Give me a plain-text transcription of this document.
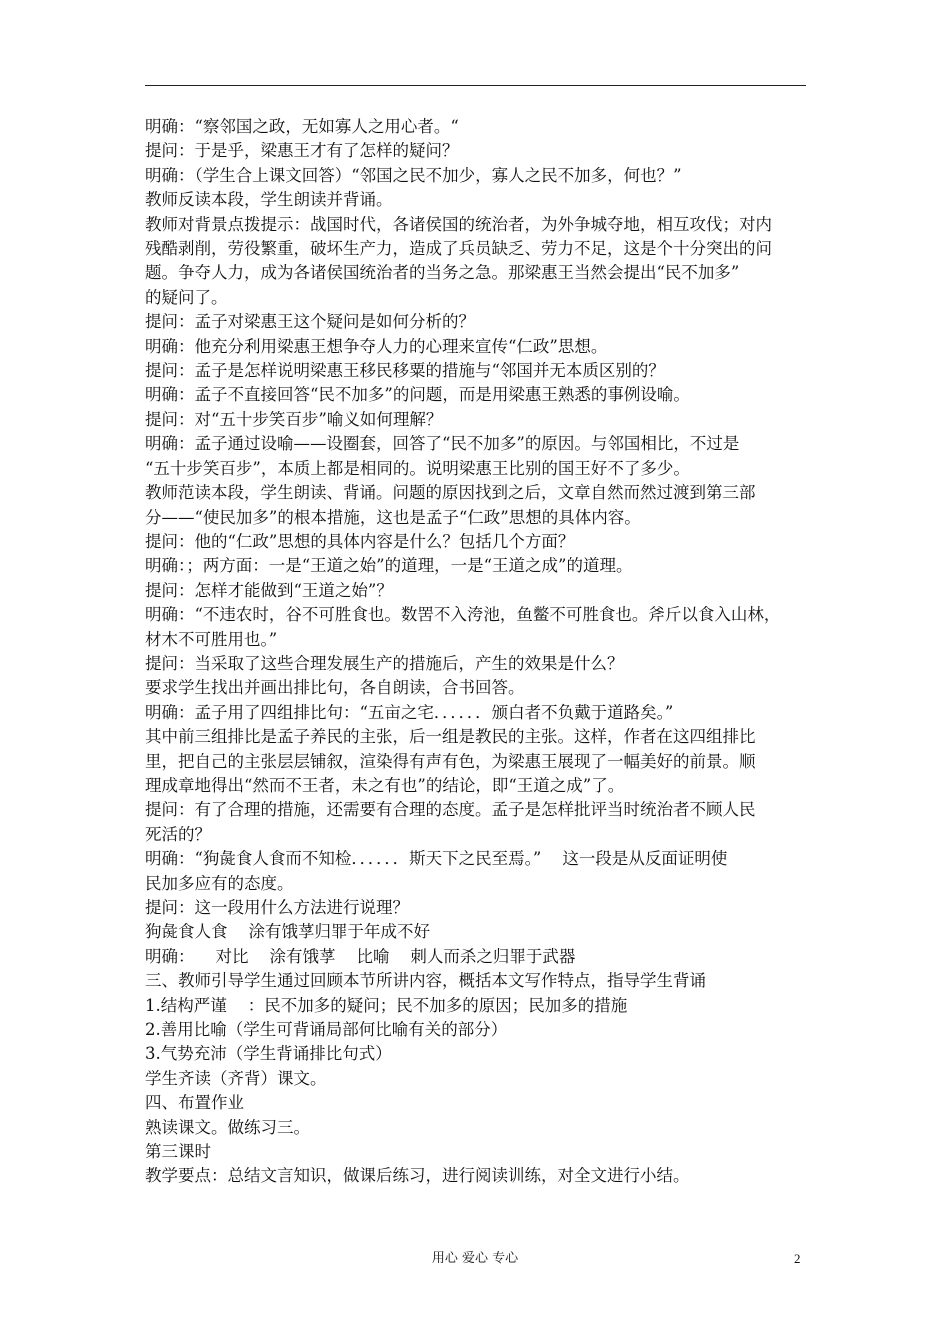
明确：“察邻国之政，无如寡人之用心者。“

提问：于是乎，梁惠王才有了怎样的疑问？

明确：（学生合上课文回答）“邻国之民不加少，寡人之民不加多，何也？”

教师反读本段，学生朗读并背诵。

教师对背景点拨提示：战国时代，各诸侯国的统治者，为外争城夺地，相互攻伐；对内

残酷剥削，劳役繁重，破坏生产力，造成了兵员缺乏、劳力不足，这是个十分突出的问

题。争夺人力，成为各诸侯国统治者的当务之急。那梁惠王当然会提出“民不加多”

的疑问了。

提问：孟子对梁惠王这个疑问是如何分析的？

明确：他充分利用梁惠王想争夺人力的心理来宣传“仁政”思想。

提问：孟子是怎样说明梁惠王移民移粟的措施与“邻国并无本质区别的？

明确：孟子不直接回答“民不加多”的问题，而是用梁惠王熟悉的事例设喻。

提问：对“五十步笑百步”喻义如何理解？

明确：孟子通过设喻——设圈套，回答了“民不加多”的原因。与邻国相比，不过是

“五十步笑百步”，本质上都是相同的。说明梁惠王比别的国王好不了多少。

教师范读本段，学生朗读、背诵。问题的原因找到之后，文章自然而然过渡到第三部

分——“使民加多”的根本措施，这也是孟子“仁政”思想的具体内容。

提问：他的“仁政”思想的具体内容是什么？包括几个方面？

明确：；两方面：一是“王道之始”的道理，一是“王道之成”的道理。

提问：怎样才能做到“王道之始”？

明确：“不违农时，谷不可胜食也。数罟不入洿池，鱼鳖不可胜食也。斧斤以食入山林，

材木不可胜用也。”

提问：当采取了这些合理发展生产的措施后，产生的效果是什么？

要求学生找出并画出排比句，各自朗读，合书回答。

明确：孟子用了四组排比句：“五亩之宅．．．．．．颁白者不负戴于道路矣。”

其中前三组排比是孟子养民的主张，后一组是教民的主张。这样，作者在这四组排比

里，把自己的主张层层铺叙，渲染得有声有色，为梁惠王展现了一幅美好的前景。顺

理成章地得出“然而不王者，未之有也”的结论，即“王道之成”了。

提问：有了合理的措施，还需要有合理的态度。孟子是怎样批评当时统治者不顾人民

死活的？

明确：“狗彘食人食而不知检．．．．．．斯天下之民至焉。”    这一段是从反面证明使

民加多应有的态度。

提问：这一段用什么方法进行说理？

狗彘食人食    涂有饿莩归罪于年成不好

明确：    对比    涂有饿莩    比喻    刺人而杀之归罪于武器

三、教师引导学生通过回顾本节所讲内容，概括本文写作特点，指导学生背诵

1.结构严谨    ：民不加多的疑问；民不加多的原因；民加多的措施

2.善用比喻（学生可背诵局部何比喻有关的部分）

3.气势充沛（学生背诵排比句式）

学生齐读（齐背）课文。

四、布置作业

熟读课文。做练习三。

第三课时

教学要点：总结文言知识，做课后练习，进行阅读训练，对全文进行小结。

用心 爱心 专心	2
